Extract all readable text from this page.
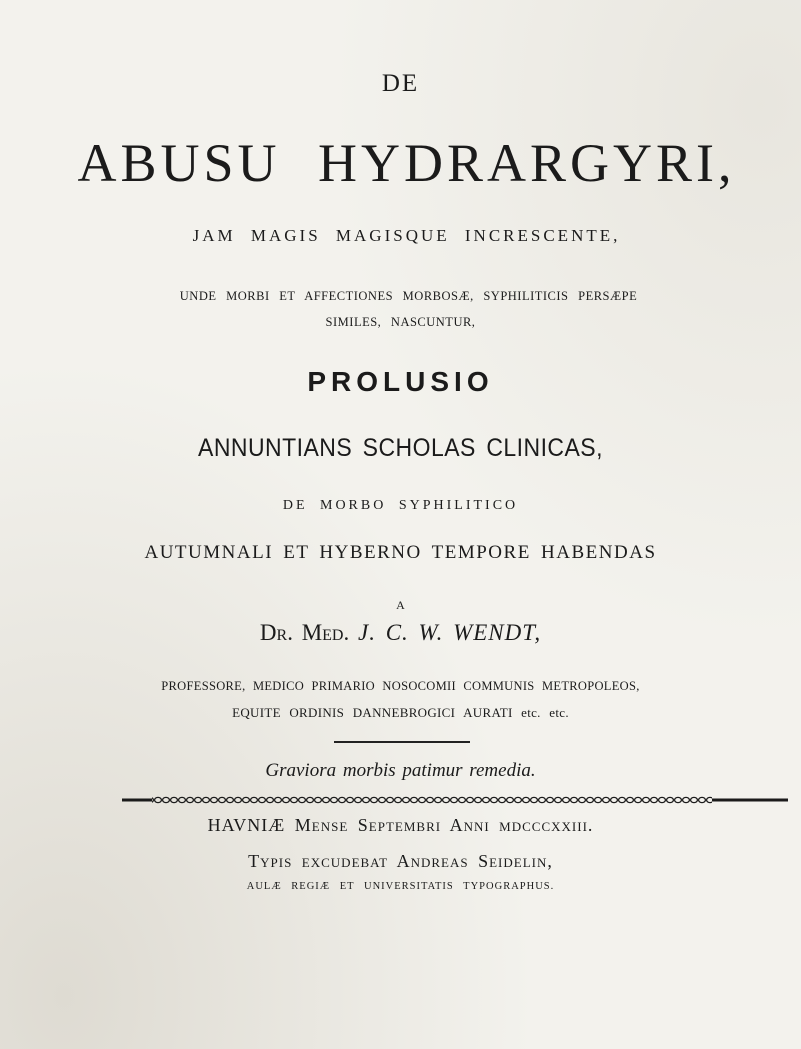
DE
ABUSU HYDRARGYRI,
JAM MAGIS MAGISQUE INCRESCENTE,
UNDE MORBI ET AFFECTIONES MORBOSÆ, SYPHILITICIS PERSÆPE
SIMILES, NASCUNTUR,
PROLUSIO
ANNUNTIANS SCHOLAS CLINICAS,
DE MORBO SYPHILITICO
AUTUMNALI ET HYBERNO TEMPORE HABENDAS
A
Dr. Med. J. C. W. WENDT,
PROFESSORE, MEDICO PRIMARIO NOSOCOMII COMMUNIS METROPOLEOS,
EQUITE ORDINIS DANNEBROGICI AURATI etc. etc.
Graviora morbis patimur remedia.
HAVNIÆ Mense Septembri Anni mdcccxxiii.
Typis excudebat Andreas Seidelin,
AULÆ REGIÆ ET UNIVERSITATIS TYPOGRAPHUS.
